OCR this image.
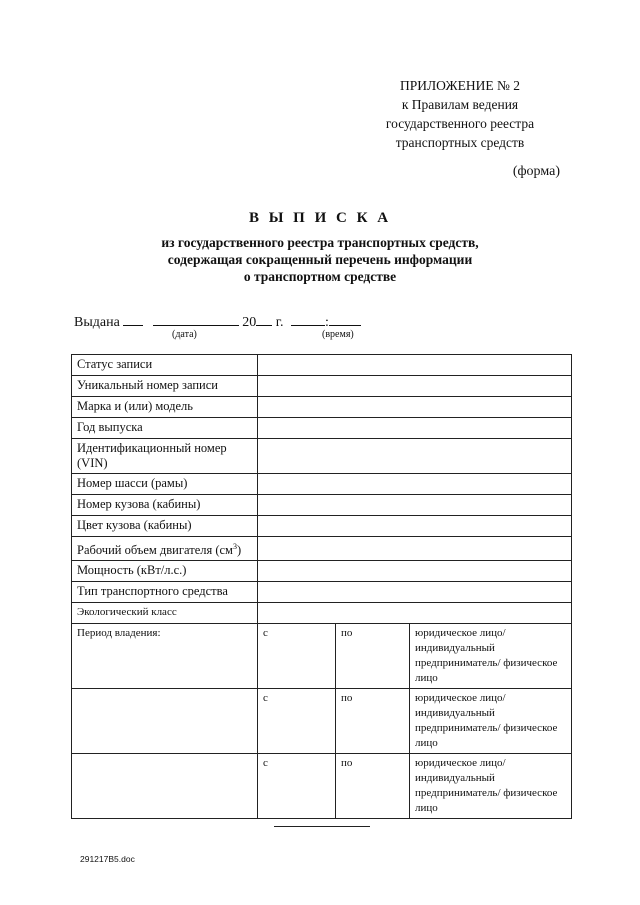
ПРИЛОЖЕНИЕ № 2
к Правилам ведения
государственного реестра
транспортных средств
(форма)
В Ы П И С К А
из государственного реестра транспортных средств,
содержащая сокращенный перечень информации
о транспортном средстве
Выдана	20 г.	:
(дата)	(время)
Статус записи			
Уникальный номер записи			
Марка и (или) модель			
Год выпуска			
Идентификационный номер (VIN)			
Номер шасси (рамы)			
Номер кузова (кабины)			
Цвет кузова (кабины)			
Рабочий объем двигателя $(см^3)$			
Мощность (кВт/л.с.)			
Тип транспортного средства			
Экологический класс			
Период владения:	с	по	юридическое лицо/ индивидуальный предприниматель/ физическое лицо
	с	по	юридическое лицо/ индивидуальный предприниматель/ физическое лицо
	с	по	юридическое лицо/ индивидуальный предприниматель/ физическое лицо
291217B5.doc
